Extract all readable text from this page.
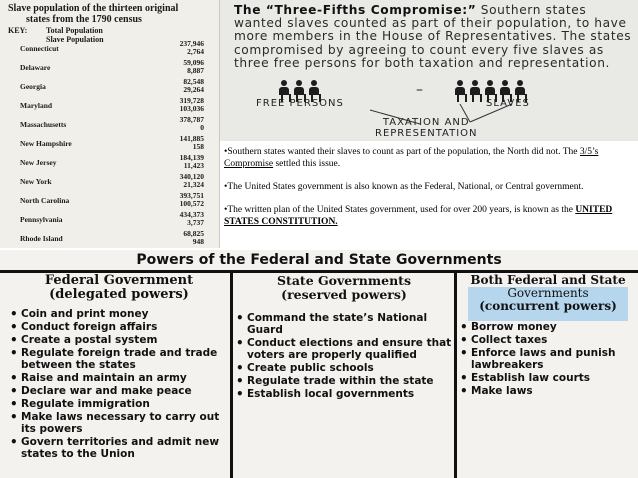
Slave population of the thirteen original
states from the 1790 census
KEY:	Total Population
Slave Population
Connecticut
237,946
2,764
Delaware
59,096
8,887
Georgia
82,548
29,264
Maryland
319,728
103,036
Massachusetts
378,787
0
New Hampshire
141,885
158
New Jersey
184,139
11,423
New York
340,120
21,324
North Carolina
393,751
100,572
Pennsylvania
434,373
3,737
Rhode Island
68,825
948
The “Three-Fifths Compromise:” Southern states wanted slaves counted as part of their population, to have more members in the House of Representatives. The states compromised by agreeing to count every five slaves as three free persons for both taxation and representation.
–
FREE PERSONS	SLAVES
TAXATION AND
REPRESENTATION

•Southern states wanted their slaves to count as part of the population, the North did not. The 3/5’s Compromise settled this issue.

•The United States government is also known as the Federal, National, or Central government.

•The written plan of the United States government, used for over 200 years, is known as the UNITED STATES CONSTITUTION.

Powers of the Federal and State Governments
Federal Government
(delegated powers)
• Coin and print money
• Conduct foreign affairs
• Create a postal system
• Regulate foreign trade and trade between the states
• Raise and maintain an army
• Declare war and make peace
• Regulate immigration
• Make laws necessary to carry out its powers
• Govern territories and admit new states to the Union
State Governments
(reserved powers)
• Command the state’s National Guard
• Conduct elections and ensure that voters are properly qualified
• Create public schools
• Regulate trade within the state
• Establish local governments
Both Federal and State
Governments
(concurrent powers)
• Borrow money
• Collect taxes
• Enforce laws and punish lawbreakers
• Establish law courts
• Make laws
